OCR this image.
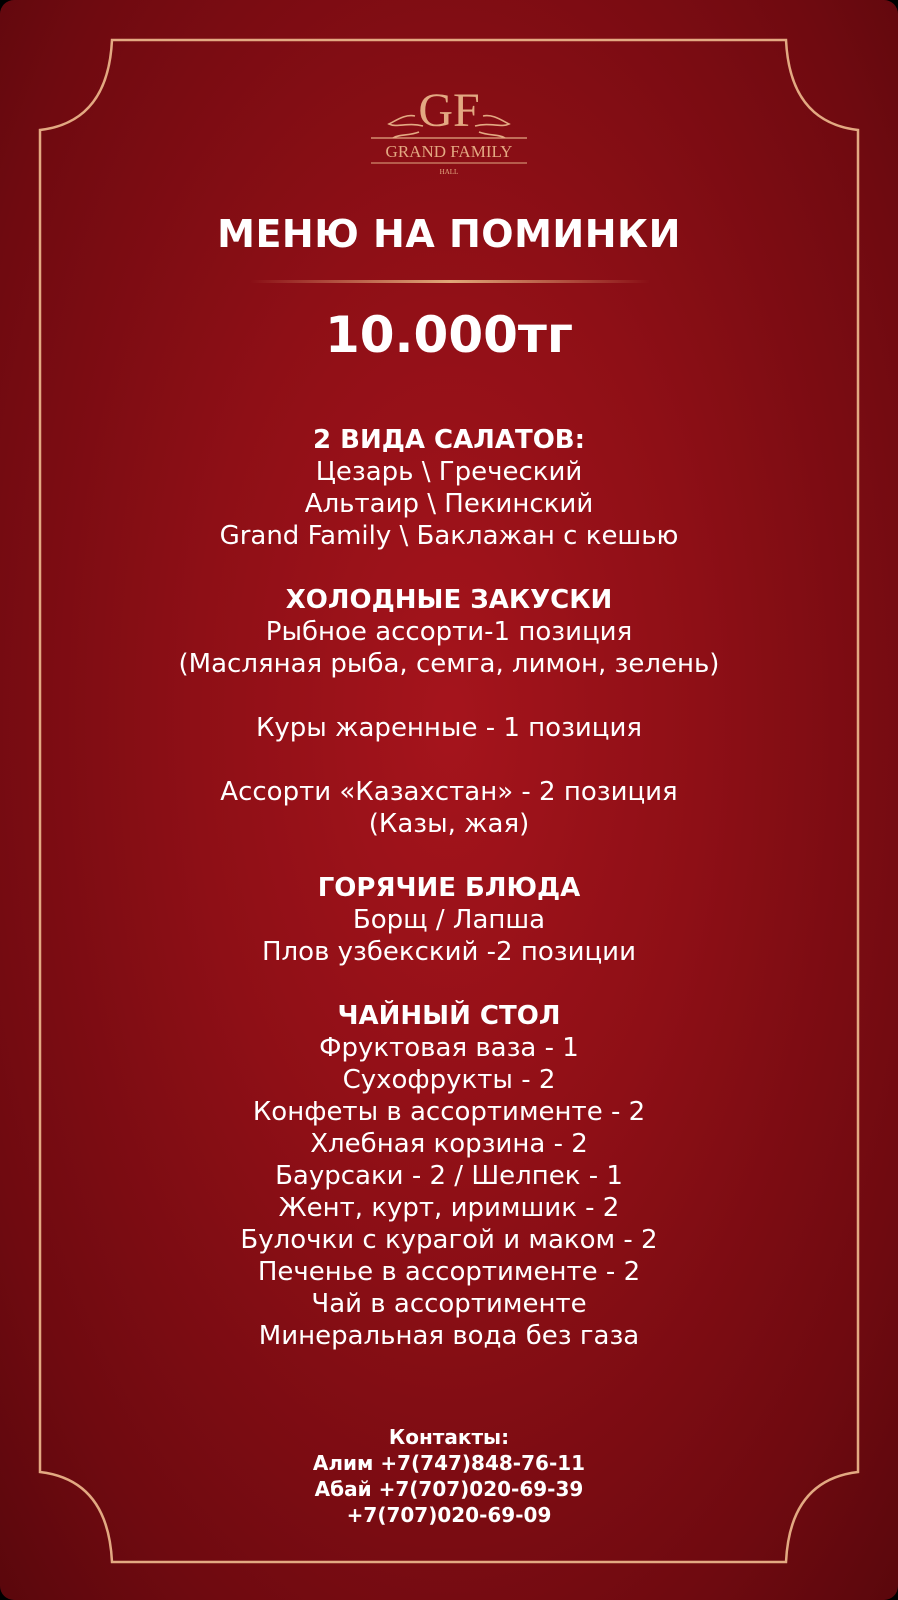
GF
GRAND FAMILY
HALL
МЕНЮ НА ПОМИНКИ
10.000тг
2 ВИДА САЛАТОВ:
Цезарь \ Греческий
Альтаир \ Пекинский
Grand Family \ Баклажан с кешью
ХОЛОДНЫЕ ЗАКУСКИ
Рыбное ассорти-1 позиция
(Масляная рыба, семга, лимон, зелень)
Куры жаренные - 1 позиция
Ассорти «Казахстан» - 2 позиция
(Казы, жая)
ГОРЯЧИЕ БЛЮДА
Борщ / Лапша
Плов узбекский -2 позиции
ЧАЙНЫЙ СТОЛ
Фруктовая ваза - 1
Сухофрукты - 2
Конфеты в ассортименте - 2
Хлебная корзина - 2
Баурсаки - 2 / Шелпек - 1
Жент, курт, иримшик - 2
Булочки с курагой и маком - 2
Печенье в ассортименте - 2
Чай в ассортименте
Минеральная вода без газа
Контакты:
Алим +7(747)848-76-11
Абай +7(707)020-69-39
+7(707)020-69-09
